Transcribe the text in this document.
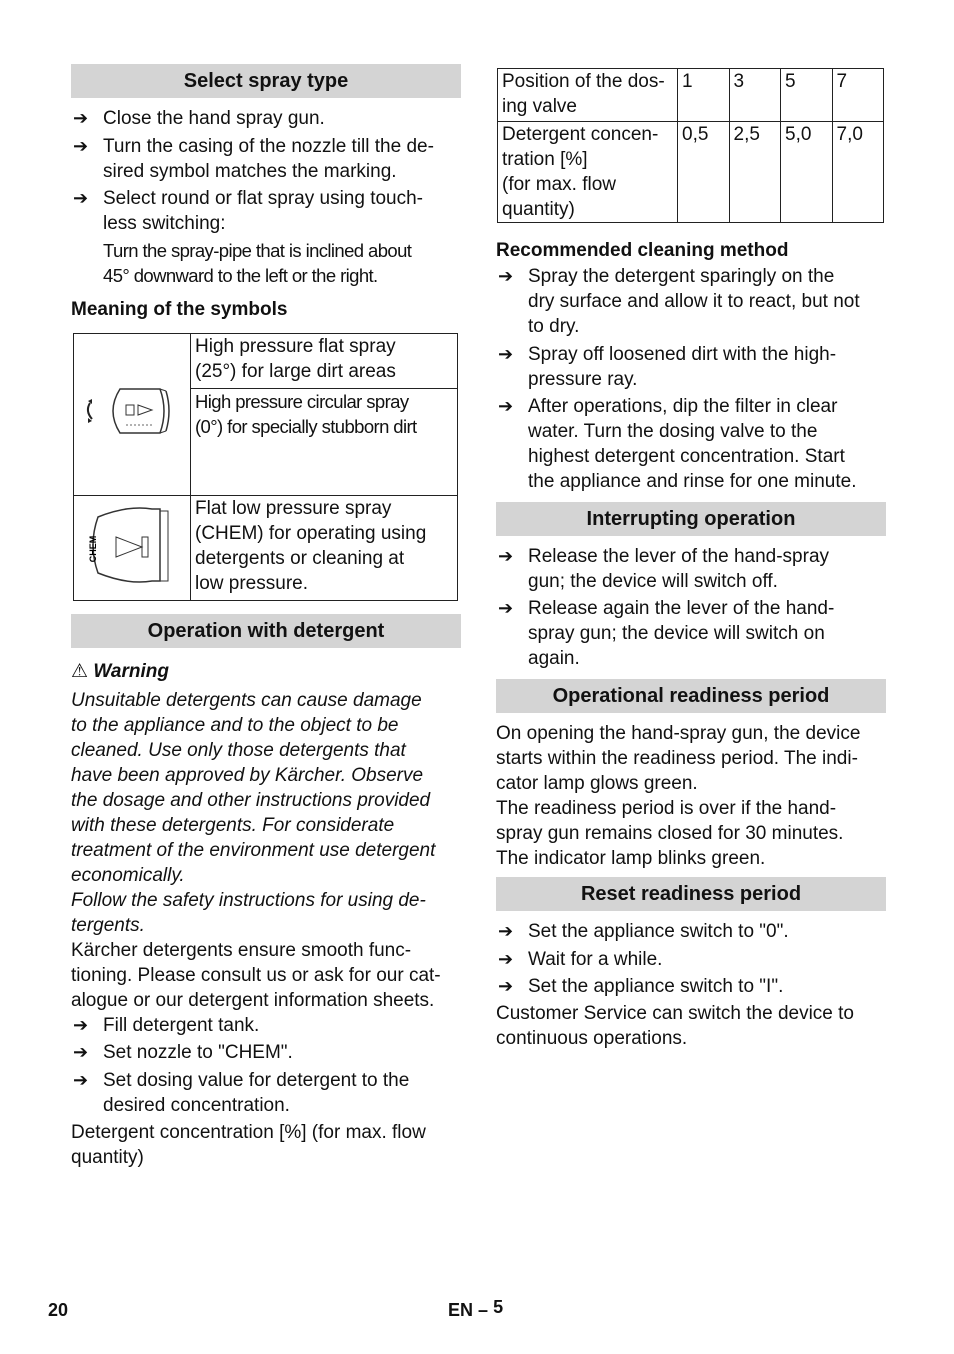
Select spray type
➔ Close the hand spray gun.
➔ Turn the casing of the nozzle till the de-
sired symbol matches the marking.
➔ Select round or flat spray using touch-
less switching:
Turn the spray-pipe that is inclined about
45° downward to the left or the right.
Meaning of the symbols

High pressure flat spray
(25°) for large dirt areas

	High pressure circular spray
(0°) for specially stubborn dirt

CHEM	Flat low pressure spray
(CHEM) for operating using
detergents or cleaning at
low pressure.
Operation with detergent
⚠ Warning
Unsuitable detergents can cause damage
to the appliance and to the object to be
cleaned. Use only those detergents that
have been approved by Kärcher. Observe
the dosage and other instructions provided
with these detergents. For considerate
treatment of the environment use detergent
economically.
Follow the safety instructions for using de-
tergents.
Kärcher detergents ensure smooth func-
tioning. Please consult us or ask for our cat-
alogue or our detergent information sheets.
➔ Fill detergent tank.
➔ Set nozzle to "CHEM".
➔ Set dosing value for detergent to the
desired concentration.
Detergent concentration [%] (for max. flow
quantity)
Position of the dos-
ing valve	1	3	5	7

Detergent concen-
tration [%]
(for max. flow
quantity)	0,5	2,5	5,0	7,0
Recommended cleaning method
➔ Spray the detergent sparingly on the
dry surface and allow it to react, but not
to dry.
➔ Spray off loosened dirt with the high-
pressure ray.
➔ After operations, dip the filter in clear
water. Turn the dosing valve to the
highest detergent concentration. Start
the appliance and rinse for one minute.
Interrupting operation
➔ Release the lever of the hand-spray
gun; the device will switch off.
➔ Release again the lever of the hand-
spray gun; the device will switch on
again.
Operational readiness period
On opening the hand-spray gun, the device
starts within the readiness period. The indi-
cator lamp glows green.
The readiness period is over if the hand-
spray gun remains closed for 30 minutes.
The indicator lamp blinks green.
Reset readiness period
➔ Set the appliance switch to "0".
➔ Wait for a while.
➔ Set the appliance switch to "I".
Customer Service can switch the device to
continuous operations.
20	EN – 5
